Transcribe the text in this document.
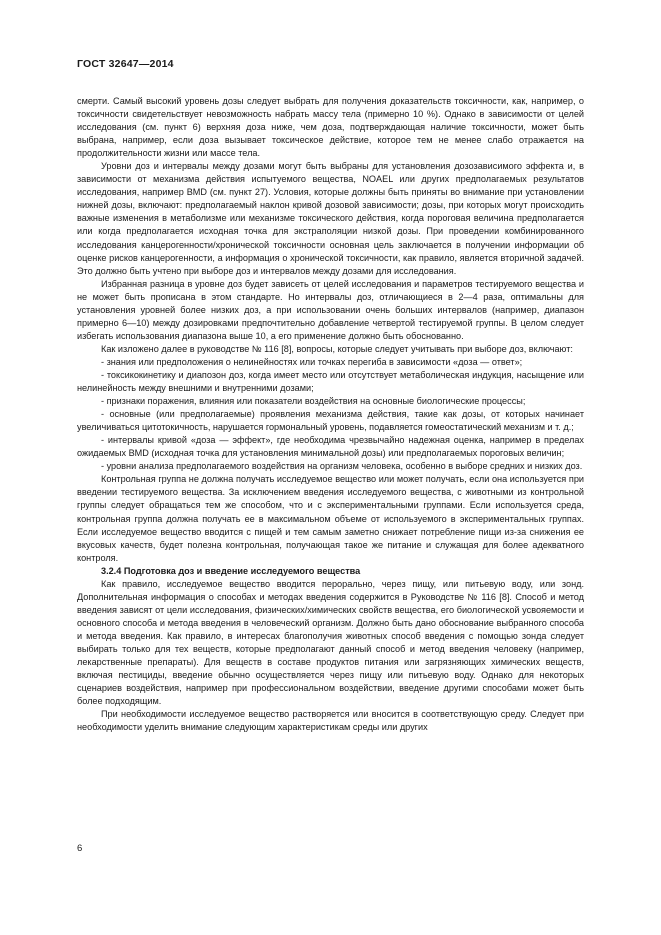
ГОСТ 32647—2014

смерти. Самый высокий уровень дозы следует выбрать для получения доказательств токсичности, как, например, о токсичности свидетельствует невозможность набрать массу тела (примерно 10 %). Однако в зависимости от целей исследования (см. пункт 6) верхняя доза ниже, чем доза, подтверждающая наличие токсичности, может быть выбрана, например, если доза вызывает токсическое действие, которое тем не менее слабо отражается на продолжительности жизни или массе тела.

Уровни доз и интервалы между дозами могут быть выбраны для установления дозозависимого эффекта и, в зависимости от механизма действия испытуемого вещества, NOAEL или других предполагаемых результатов исследования, например BMD (см. пункт 27). Условия, которые должны быть приняты во внимание при установлении нижней дозы, включают: предполагаемый наклон кривой дозовой зависимости; дозы, при которых могут происходить важные изменения в метаболизме или механизме токсического действия, когда пороговая величина предполагается или когда предполагается исходная точка для экстраполяции низкой дозы. При проведении комбинированного исследования канцерогенности/хронической токсичности основная цель заключается в получении информации об оценке рисков канцерогенности, а информация о хронической токсичности, как правило, является вторичной задачей. Это должно быть учтено при выборе доз и интервалов между дозами для исследования.

Избранная разница в уровне доз будет зависеть от целей исследования и параметров тестируемого вещества и не может быть прописана в этом стандарте. Но интервалы доз, отличающиеся в 2—4 раза, оптимальны для установления уровней более низких доз, а при использовании очень больших интервалов (например, диапазон примерно 6—10) между дозировками предпочтительно добавление четвертой тестируемой группы. В целом следует избегать использования диапазона выше 10, а его применение должно быть обоснованно.

Как изложено далее в руководстве № 116 [8], вопросы, которые следует учитывать при выборе доз, включают:

- знания или предположения о нелинейностях или точках перегиба в зависимости «доза — ответ»;

- токсикокинетику и диапозон доз, когда имеет место или отсутствует метаболическая индукция, насыщение или нелинейность между внешними и внутренними дозами;

- признаки поражения, влияния или показатели воздействия на основные биологические процессы;

- основные (или предполагаемые) проявления механизма действия, такие как дозы, от которых начинает увеличиваться цитотокичность, нарушается гормональный уровень, подавляется гомеостатический механизм и т. д.;

- интервалы кривой «доза — эффект», где необходима чрезвычайно надежная оценка, например в пределах ожидаемых BMD (исходная точка для установления минимальной дозы) или предполагаемых пороговых величин;

- уровни анализа предполагаемого воздействия на организм человека, особенно в выборе средних и низких доз.

Контрольная группа не должна получать исследуемое вещество или может получать, если она используется при введении тестируемого вещества. За исключением введения исследуемого вещества, с животными из контрольной группы следует обращаться тем же способом, что и с экспериментальными группами. Если используется среда, контрольная группа должна получать ее в максимальном объеме от используемого в экспериментальных группах. Если исследуемое вещество вводится с пищей и тем самым заметно снижает потребление пищи из-за снижения ее вкусовых качеств, будет полезна контрольная, получающая такое же питание и служащая для более адекватного контроля.

3.2.4 Подготовка доз и введение исследуемого вещества

Как правило, исследуемое вещество вводится перорально, через пищу, или питьевую воду, или зонд. Дополнительная информация о способах и методах введения содержится в Руководстве № 116 [8]. Способ и метод введения зависят от цели исследования, физических/химических свойств вещества, его биологической усвояемости и основного способа и метода введения в человеческий организм. Должно быть дано обоснование выбранного способа и метода введения. Как правило, в интересах благополучия животных способ введения с помощью зонда следует выбирать только для тех веществ, которые предполагают данный способ и метод введения человеку (например, лекарственные препараты). Для веществ в составе продуктов питания или загрязняющих химических веществ, включая пестициды, введение обычно осуществляется через пищу или питьевую воду. Однако для некоторых сценариев воздействия, например при профессиональном воздействии, введение другими способами может быть более подходящим.

При необходимости исследуемое вещество растворяется или вносится в соответствующую среду. Следует при необходимости уделить внимание следующим характеристикам среды или других

6
